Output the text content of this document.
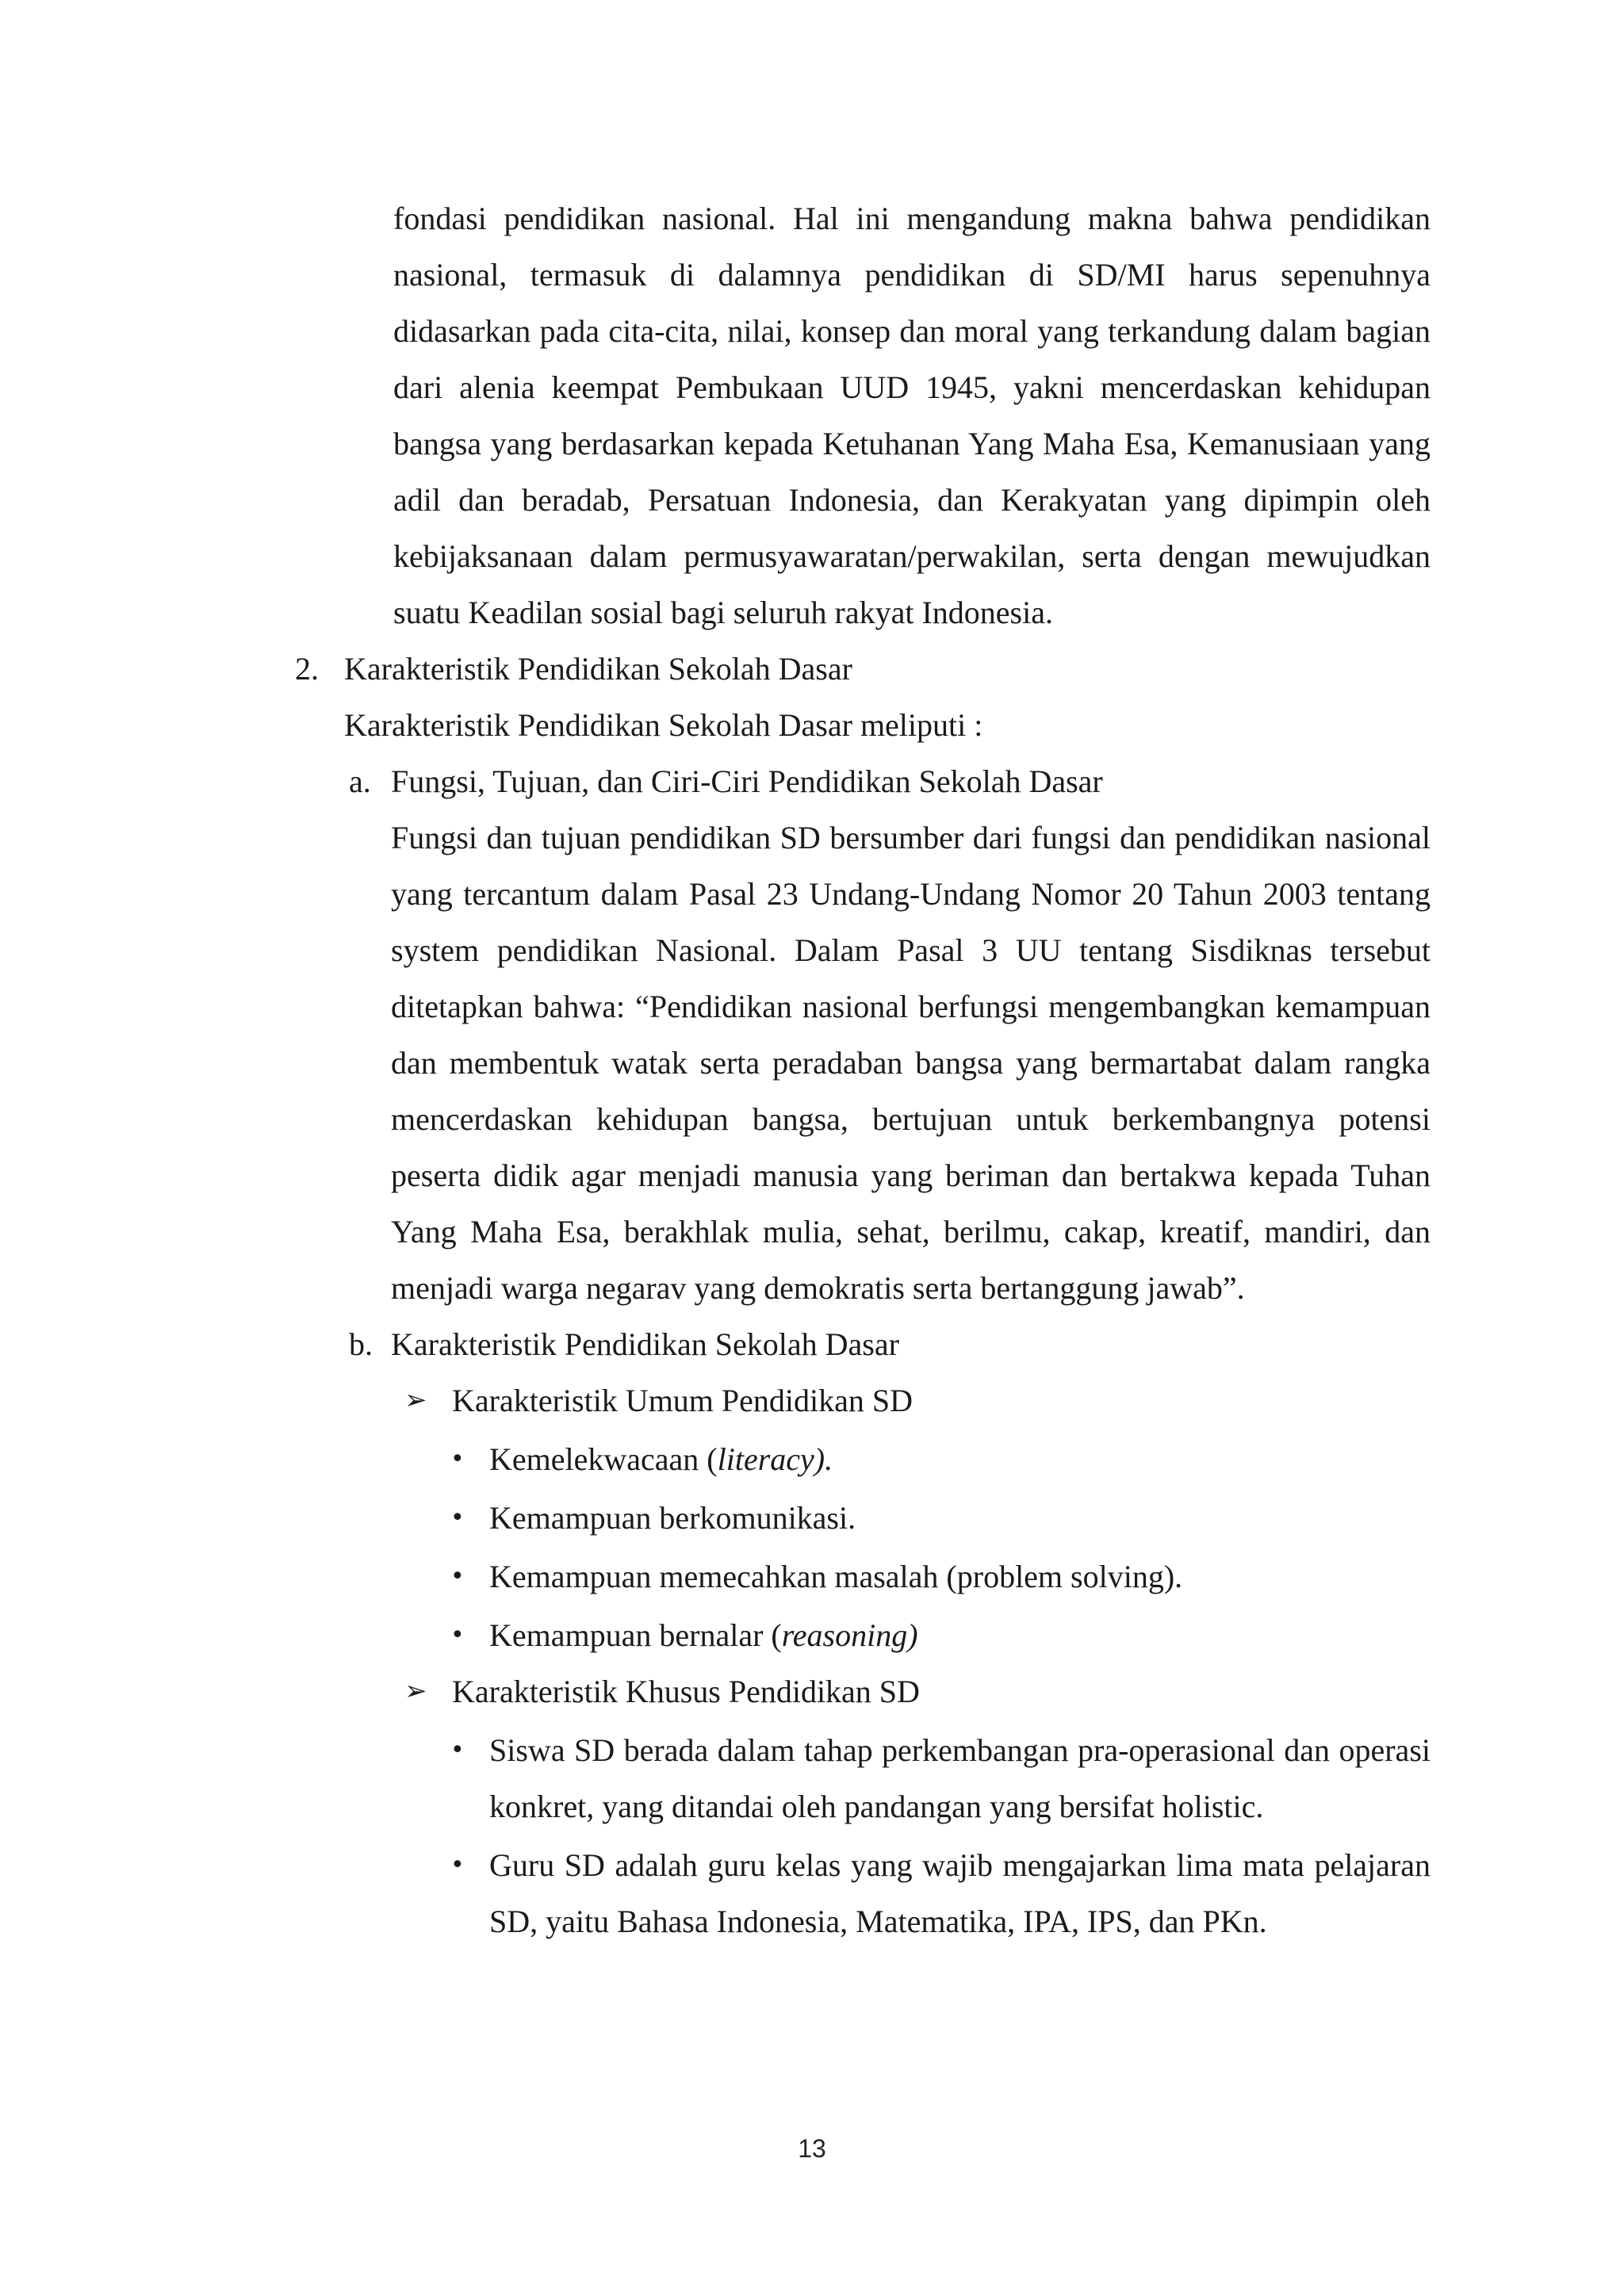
fondasi pendidikan nasional. Hal ini mengandung makna bahwa pendidikan nasional, termasuk di dalamnya pendidikan di SD/MI harus sepenuhnya didasarkan pada cita-cita, nilai, konsep dan moral yang terkandung dalam bagian dari alenia keempat Pembukaan UUD 1945, yakni mencerdaskan kehidupan bangsa yang berdasarkan kepada Ketuhanan Yang Maha Esa, Kemanusiaan yang adil dan beradab, Persatuan Indonesia, dan Kerakyatan yang dipimpin oleh kebijaksanaan dalam permusyawaratan/perwakilan, serta dengan mewujudkan suatu Keadilan sosial bagi seluruh rakyat Indonesia.

2. Karakteristik Pendidikan Sekolah Dasar
Karakteristik Pendidikan Sekolah Dasar meliputi :
a. Fungsi, Tujuan, dan Ciri-Ciri Pendidikan Sekolah Dasar

Fungsi dan tujuan pendidikan SD bersumber dari fungsi dan pendidikan nasional yang tercantum dalam Pasal 23 Undang-Undang Nomor 20 Tahun 2003 tentang system pendidikan Nasional. Dalam Pasal 3 UU tentang Sisdiknas tersebut ditetapkan bahwa: “Pendidikan nasional berfungsi mengembangkan kemampuan dan membentuk watak serta peradaban bangsa yang bermartabat dalam rangka mencerdaskan kehidupan bangsa, bertujuan untuk berkembangnya potensi peserta didik agar menjadi manusia yang beriman dan bertakwa kepada Tuhan Yang Maha Esa, berakhlak mulia, sehat, berilmu, cakap, kreatif, mandiri, dan menjadi warga negarav yang demokratis serta bertanggung jawab”.

b. Karakteristik Pendidikan Sekolah Dasar
➢ Karakteristik Umum Pendidikan SD
• Kemelekwacaan (literacy).
• Kemampuan berkomunikasi.
• Kemampuan memecahkan masalah (problem solving).
• Kemampuan bernalar (reasoning)
➢ Karakteristik Khusus Pendidikan SD
• Siswa SD berada dalam tahap perkembangan pra-operasional dan operasi konkret, yang ditandai oleh pandangan yang bersifat holistic.
• Guru SD adalah guru kelas yang wajib mengajarkan lima mata pelajaran SD, yaitu Bahasa Indonesia, Matematika, IPA, IPS, dan PKn.
13
